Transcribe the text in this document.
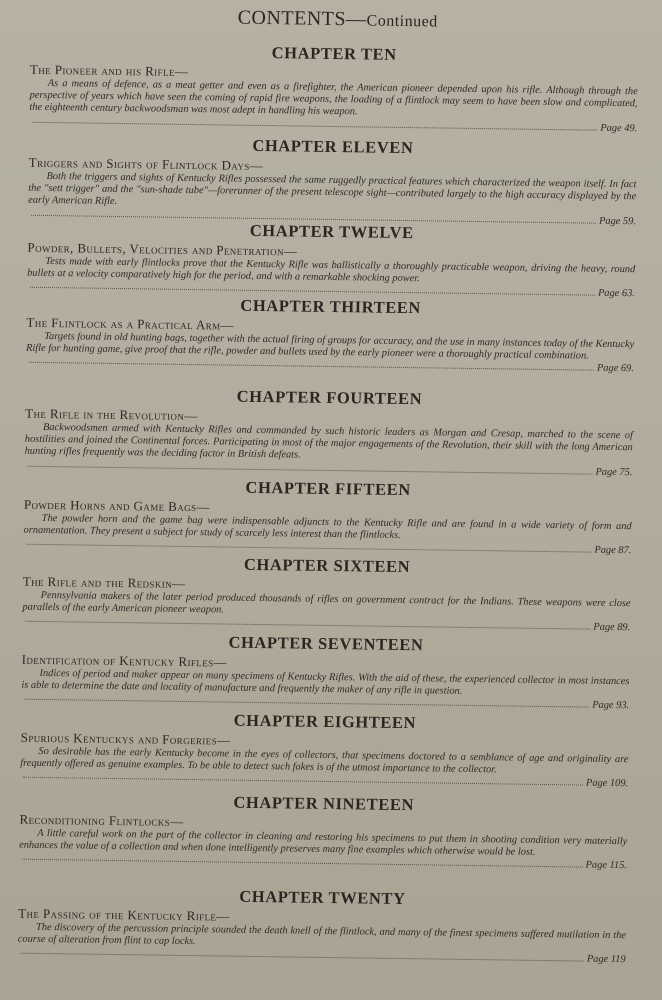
CONTENTS—Continued
CHAPTER TEN
The Pioneer and his Rifle—
As a means of defence, as a meat getter and even as a firefighter, the American pioneer depended upon his rifle. Although through the perspective of years which have seen the coming of rapid fire weapons, the loading of a flintlock may seem to have been slow and complicated, the eighteenth century backwoodsman was most adept in handling his weapon.
Page 49.
CHAPTER ELEVEN
Triggers and Sights of Flintlock Days—
Both the triggers and sights of Kentucky Rifles possessed the same ruggedly practical features which characterized the weapon itself. In fact the "sett trigger" and the "sun-shade tube"—forerunner of the present telescope sight—contributed largely to the high accuracy displayed by the early American Rifle.
Page 59.
CHAPTER TWELVE
Powder, Bullets, Velocities and Penetration—
Tests made with early flintlocks prove that the Kentucky Rifle was ballistically a thoroughly practicable weapon, driving the heavy, round bullets at a velocity comparatively high for the period, and with a remarkable shocking power.
Page 63.
CHAPTER THIRTEEN
The Flintlock as a Practical Arm—
Targets found in old hunting bags, together with the actual firing of groups for accuracy, and the use in many instances today of the Kentucky Rifle for hunting game, give proof that the rifle, powder and bullets used by the early pioneer were a thoroughly practical combination.
Page 69.
CHAPTER FOURTEEN
The Rifle in the Revolution—
Backwoodsmen armed with Kentucky Rifles and commanded by such historic leaders as Morgan and Cresap, marched to the scene of hostilities and joined the Continental forces. Participating in most of the major engagements of the Revolution, their skill with the long American hunting rifles frequently was the deciding factor in British defeats.
Page 75.
CHAPTER FIFTEEN
Powder Horns and Game Bags—
The powder horn and the game bag were indispensable adjuncts to the Kentucky Rifle and are found in a wide variety of form and ornamentation. They present a subject for study of scarcely less interest than the flintlocks.
Page 87.
CHAPTER SIXTEEN
The Rifle and the Redskin—
Pennsylvania makers of the later period produced thousands of rifles on government contract for the Indians. These weapons were close parallels of the early American pioneer weapon.
Page 89.
CHAPTER SEVENTEEN
Identification of Kentucky Rifles—
Indices of period and maker appear on many specimens of Kentucky Rifles. With the aid of these, the experienced collector in most instances is able to determine the date and locality of manufacture and frequently the maker of any rifle in question.
Page 93.
CHAPTER EIGHTEEN
Spurious Kentuckys and Forgeries—
So desirable has the early Kentucky become in the eyes of collectors, that specimens doctored to a semblance of age and originality are frequently offered as genuine examples. To be able to detect such fakes is of the utmost importance to the collector.
Page 109.
CHAPTER NINETEEN
Reconditioning Flintlocks—
A little careful work on the part of the collector in cleaning and restoring his specimens to put them in shooting condition very materially enhances the value of a collection and when done intelligently preserves many fine examples which otherwise would be lost.
Page 115.
CHAPTER TWENTY
The Passing of the Kentucky Rifle—
The discovery of the percussion principle sounded the death knell of the flintlock, and many of the finest specimens suffered mutilation in the course of alteration from flint to cap locks.
Page 119
